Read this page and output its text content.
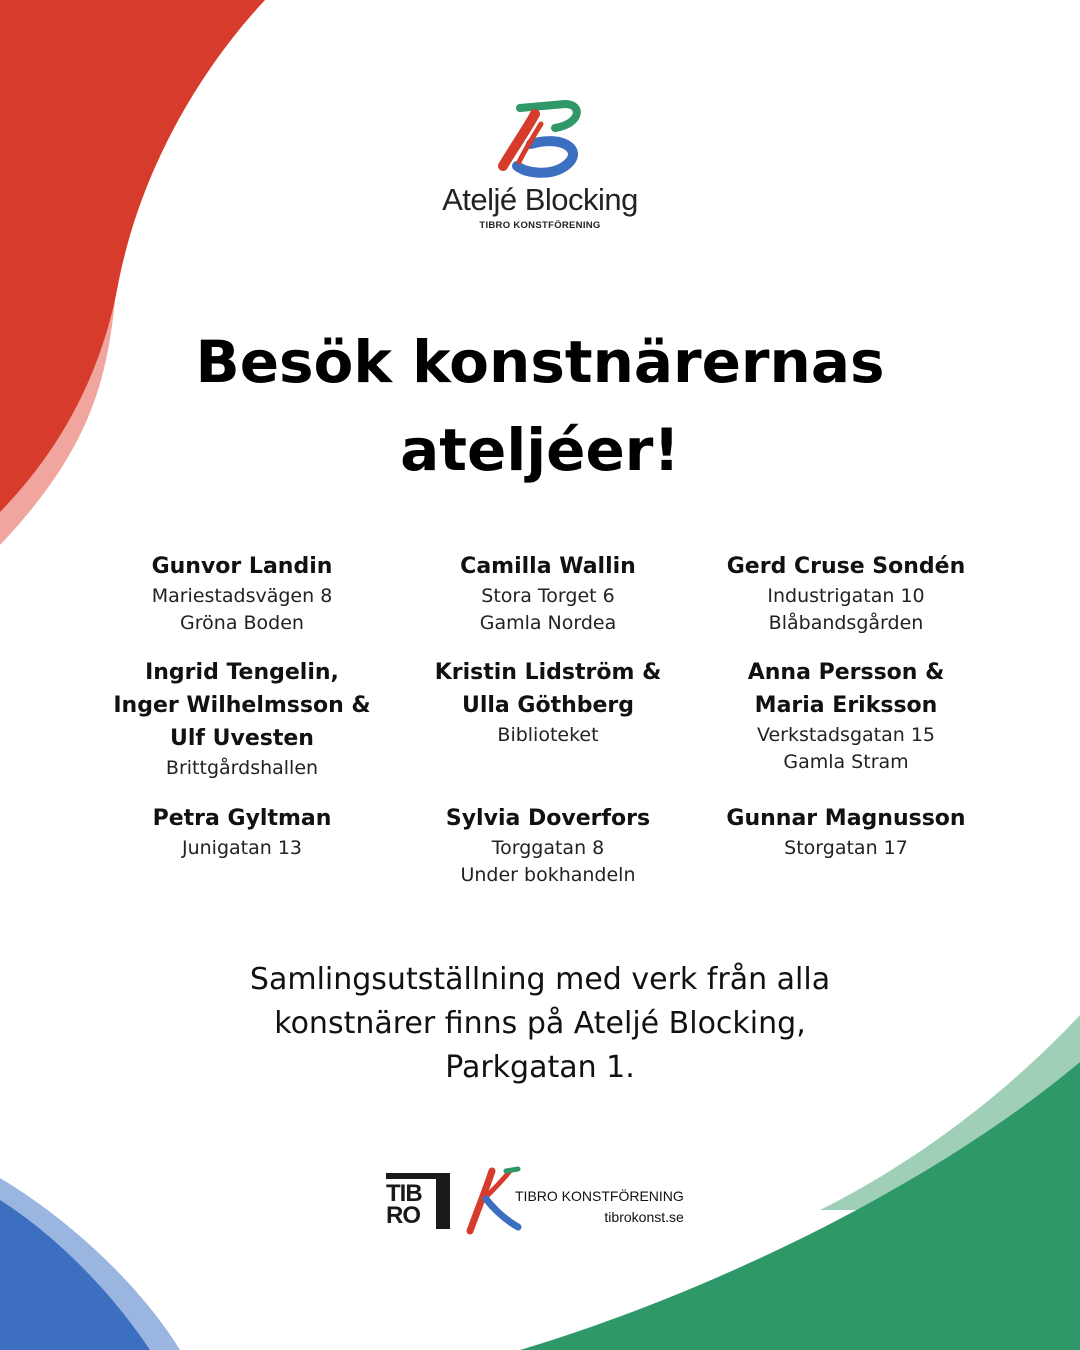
Ateljé Blocking
TIBRO KONSTFÖRENING
Besök konstnärernas
ateljéer!
Gunvor Landin
Mariestadsvägen 8
Gröna Boden
Camilla Wallin
Stora Torget 6
Gamla Nordea
Gerd Cruse Sondén
Industrigatan 10
Blåbandsgården
Ingrid Tengelin,
Inger Wilhelmsson &
Ulf Uvesten
Brittgårdshallen
Kristin Lidström &
Ulla Göthberg
Biblioteket
Anna Persson &
Maria Eriksson
Verkstadsgatan 15
Gamla Stram
Petra Gyltman
Junigatan 13
Sylvia Doverfors
Torggatan 8
Under bokhandeln
Gunnar Magnusson
Storgatan 17
Samlingsutställning med verk från alla
konstnärer finns på Ateljé Blocking,
Parkgatan 1.
TIB
RO
TIBRO KONSTFÖRENING
tibrokonst.se
